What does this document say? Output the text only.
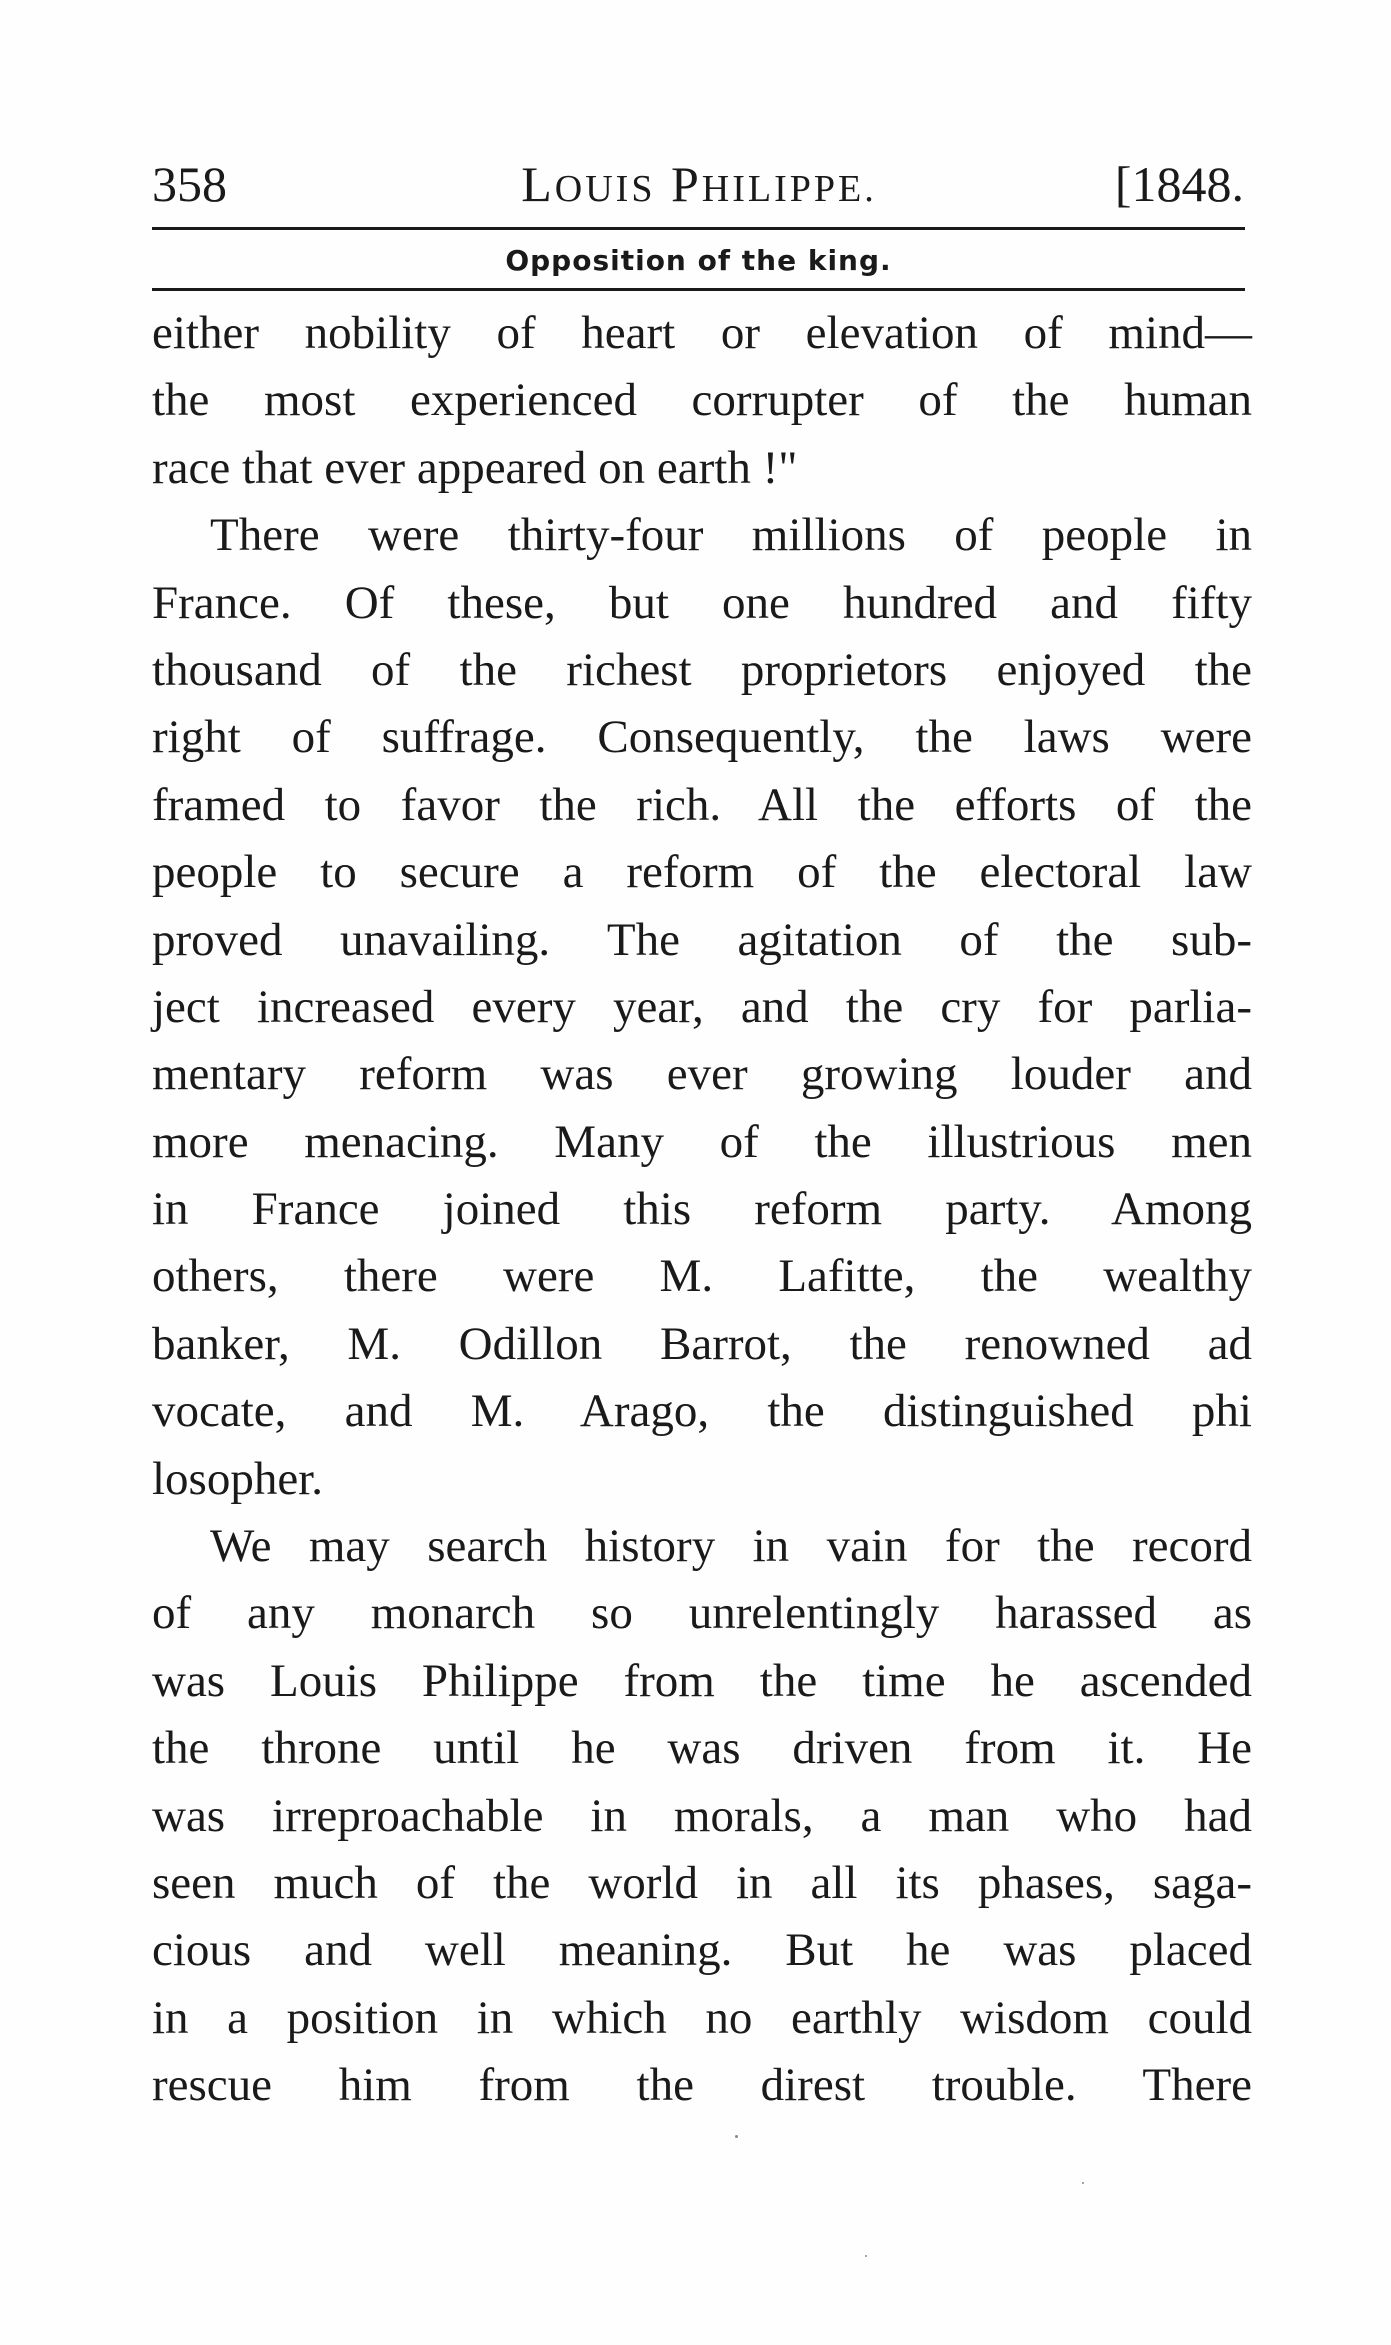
358	LOUIS PHILIPPE.	[1848.
Opposition of the king.
either nobility of heart or elevation of mind—
the most experienced corrupter of the human
race that ever appeared on earth !"
There were thirty-four millions of people in
France. Of these, but one hundred and fifty
thousand of the richest proprietors enjoyed the
right of suffrage. Consequently, the laws were
framed to favor the rich. All the efforts of the
people to secure a reform of the electoral law
proved unavailing. The agitation of the sub-
ject increased every year, and the cry for parlia-
mentary reform was ever growing louder and
more menacing. Many of the illustrious men
in France joined this reform party. Among
others, there were M. Lafitte, the wealthy
banker, M. Odillon Barrot, the renowned ad
vocate, and M. Arago, the distinguished phi
losopher.
We may search history in vain for the record
of any monarch so unrelentingly harassed as
was Louis Philippe from the time he ascended
the throne until he was driven from it. He
was irreproachable in morals, a man who had
seen much of the world in all its phases, saga-
cious and well meaning. But he was placed
in a position in which no earthly wisdom could
rescue him from the direst trouble. There
